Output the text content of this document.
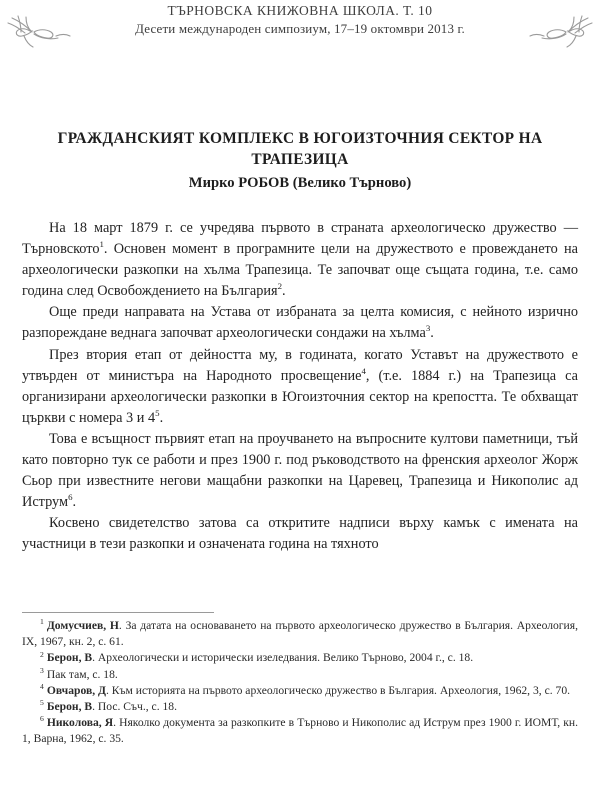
ТЪРНОВСКА КНИЖОВНА ШКОЛА. Т. 10
Десети международен симпозиум, 17–19 октомври 2013 г.
ГРАЖДАНСКИЯТ КОМПЛЕКС В ЮГОИЗТОЧНИЯ СЕКТОР НА ТРАПЕЗИЦА
Мирко РОБОВ (Велико Търново)

На 18 март 1879 г. се учредява първото в страната археологическо дружество — Търновското$^1$. Основен момент в програмните цели на дружеството е провеждането на археологически разкопки на хълма Трапезица. Те започват още същата година, т.е. само година след Освобождението на България$^2$.

Още преди направата на Устава от избраната за целта комисия, с нейното изрично разпореждане веднага започват археологически сондажи на хълма$^3$.

През втория етап от дейността му, в годината, когато Уставът на дружеството е утвърден от министъра на Народното просвещение$^4$, (т.е. 1884 г.) на Трапезица са организирани археологически разкопки в Югоизточния сектор на крепостта. Те обхващат църкви с номера 3 и $4^5$.

Това е всъщност първият етап на проучването на въпросните култови паметници, тъй като повторно тук се работи и през 1900 г. под ръководството на френския археолог Жорж Сьор при известните негови мащабни разкопки на Царевец, Трапезица и Никополис ад Иструм$^6$.

Косвено свидетелство затова са откритите надписи върху камък с имената на участници в тези разкопки и означената година на тяхното

$^1$ Домусчиев, Н. За датата на основаването на първото археологическо дружество в България. Археология, IX, 1967, кн. 2, с. 61.

$^2$ Берон, В. Археологически и исторически изеледвания. Велико Търново, 2004 г., с. 18.

$^3$ Пак там, с. 18.

$^4$ Овчаров, Д. Към историята на първото археологическо дружество в България. Археология, 1962, 3, с. 70.

$^5$ Берон, В. Пос. Съч., с. 18.

$^6$ Николова, Я. Няколко документа за разкопките в Търново и Никополис ад Иструм през 1900 г. ИОМТ, кн. 1, Варна, 1962, с. 35.
